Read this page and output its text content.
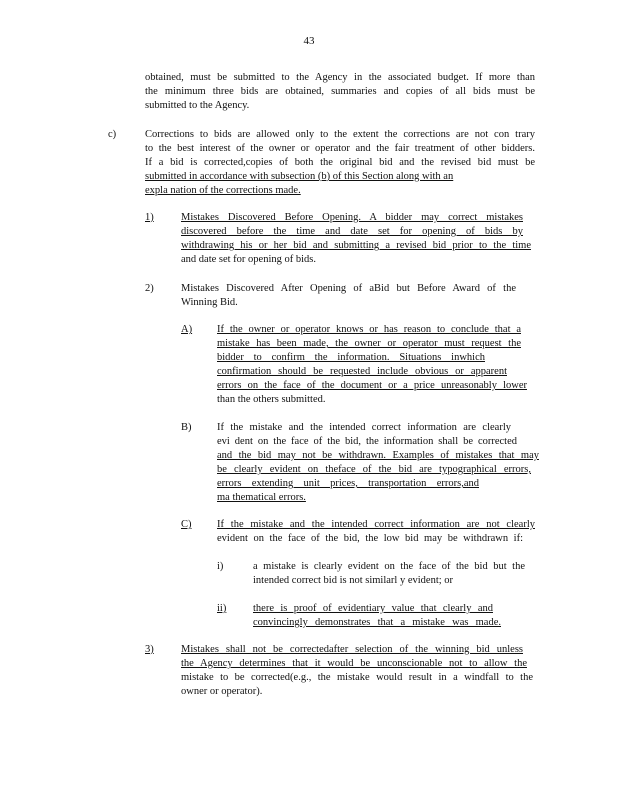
43
obtained, must be submitted to the Agency in the associated budget. If more than
the minimum three bids are obtained, summaries and copies of all bids must be
submitted to the Agency.
c)	Corrections to bids are allowed only to the extent the corrections are not con trary
to the best interest of the owner or operator and the fair treatment of other bidders.
If a bid is corrected,copies of both the original bid and the revised bid must be
submitted in accordance with subsection (b) of this Section along with an
expla nation of the corrections made.
1)	Mistakes Discovered Before Opening. A bidder may correct mistakes
discovered before the time and date set for opening of bids by
withdrawing his or her bid and submitting a revised bid prior to the time
and date set for opening of bids.
2)	Mistakes Discovered After Opening of aBid but Before Award of the
Winning Bid.
A) If the owner or operator knows or has reason to conclude that a
mistake has been made, the owner or operator must request the
bidder to confirm the information. Situations inwhich
confirmation should be requested include obvious or apparent
errors on the face of the document or a price unreasonably lower
than the others submitted.
B) If the mistake and the intended correct information are clearly
evi dent on the face of the bid, the information shall be corrected
and the bid may not be withdrawn. Examples of mistakes that may
be clearly evident on theface of the bid are typographical errors,
errors extending unit prices, transportation errors,and
ma thematical errors.
C) If the mistake and the intended correct information are not clearly
evident on the face of the bid, the low bid may be withdrawn if:
i)	a mistake is clearly evident on the face of the bid but the
intended correct bid is not similarl y evident; or
ii)	there is proof of evidentiary value that clearly and
convincingly demonstrates that a mistake was made.
3)	Mistakes shall not be correctedafter selection of the winning bid unless
the Agency determines that it would be unconscionable not to allow the
mistake to be corrected(e.g., the mistake would result in a windfall to the
owner or operator).
